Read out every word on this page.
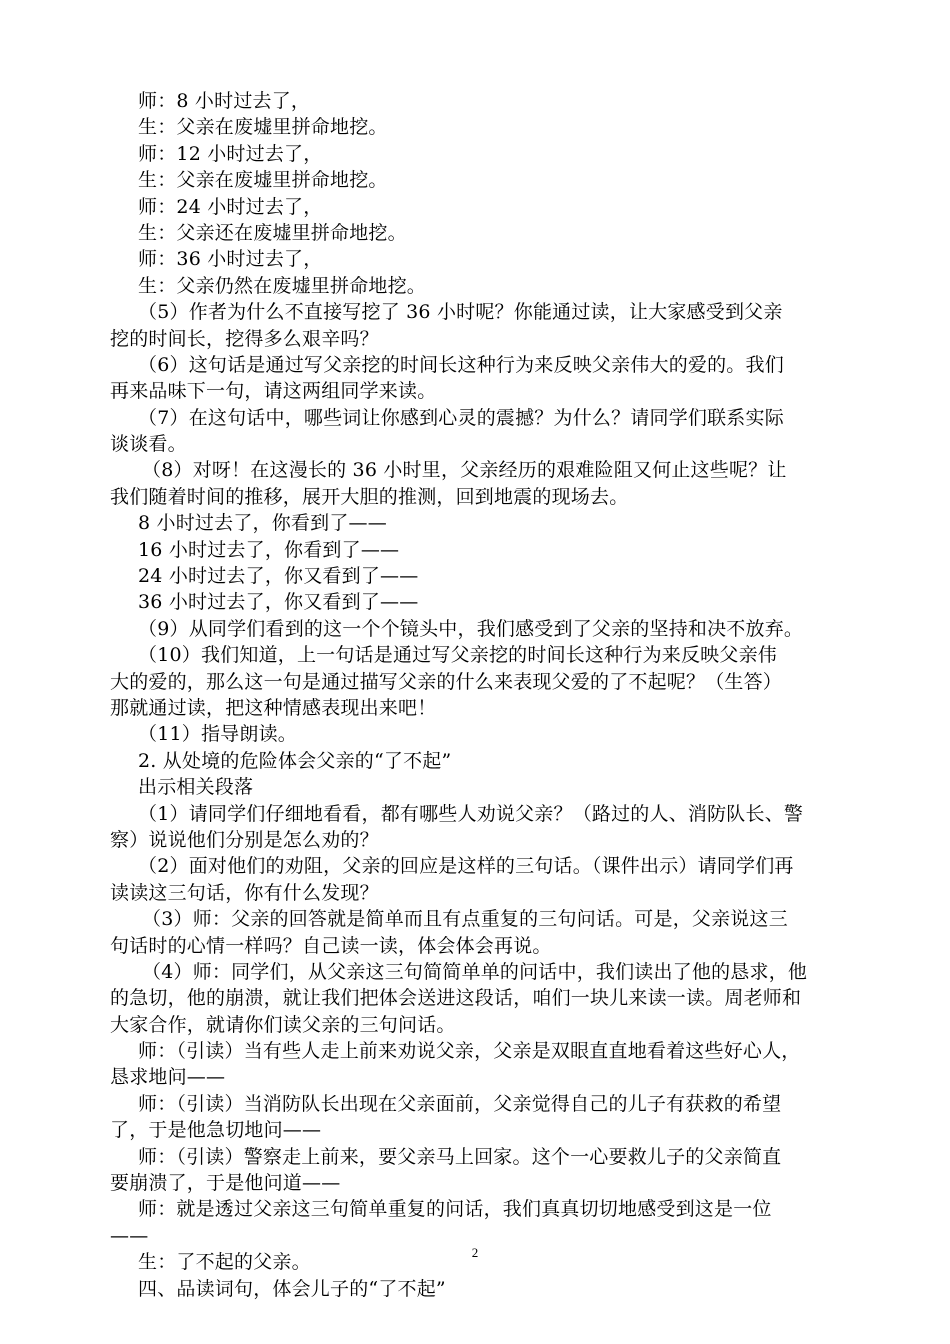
师：8 小时过去了，
生：父亲在废墟里拼命地挖。
师：12 小时过去了，
生：父亲在废墟里拼命地挖。
师：24 小时过去了，
生：父亲还在废墟里拼命地挖。
师：36 小时过去了，
生：父亲仍然在废墟里拼命地挖。
（5）作者为什么不直接写挖了 36 小时呢？你能通过读，让大家感受到父亲
挖的时间长，挖得多么艰辛吗？
（6）这句话是通过写父亲挖的时间长这种行为来反映父亲伟大的爱的。我们
再来品味下一句，请这两组同学来读。
（7）在这句话中，哪些词让你感到心灵的震撼？为什么？请同学们联系实际
谈谈看。
（8）对呀！在这漫长的 36 小时里，父亲经历的艰难险阻又何止这些呢？让
我们随着时间的推移，展开大胆的推测，回到地震的现场去。
8 小时过去了，你看到了——
16 小时过去了，你看到了——
24 小时过去了，你又看到了——
36 小时过去了，你又看到了——
（9）从同学们看到的这一个个镜头中，我们感受到了父亲的坚持和决不放弃。
（10）我们知道，上一句话是通过写父亲挖的时间长这种行为来反映父亲伟
大的爱的，那么这一句是通过描写父亲的什么来表现父爱的了不起呢？（生答）
那就通过读，把这种情感表现出来吧！
（11）指导朗读。
2. 从处境的危险体会父亲的“了不起”
出示相关段落
（1）请同学们仔细地看看，都有哪些人劝说父亲？（路过的人、消防队长、警
察）说说他们分别是怎么劝的？
（2）面对他们的劝阻，父亲的回应是这样的三句话。（课件出示）请同学们再
读读这三句话，你有什么发现？
（3）师：父亲的回答就是简单而且有点重复的三句问话。可是，父亲说这三
句话时的心情一样吗？自己读一读，体会体会再说。
（4）师：同学们，从父亲这三句简简单单的问话中，我们读出了他的恳求，他
的急切，他的崩溃，就让我们把体会送进这段话，咱们一块儿来读一读。周老师和
大家合作，就请你们读父亲的三句问话。
师：（引读）当有些人走上前来劝说父亲，父亲是双眼直直地看着这些好心人，
恳求地问——
师：（引读）当消防队长出现在父亲面前，父亲觉得自己的儿子有获救的希望
了，于是他急切地问——
师：（引读）警察走上前来，要父亲马上回家。这个一心要救儿子的父亲简直
要崩溃了，于是他问道——
师：就是透过父亲这三句简单重复的问话，我们真真切切地感受到这是一位
——
生：了不起的父亲。
四、品读词句，体会儿子的“了不起”
2
